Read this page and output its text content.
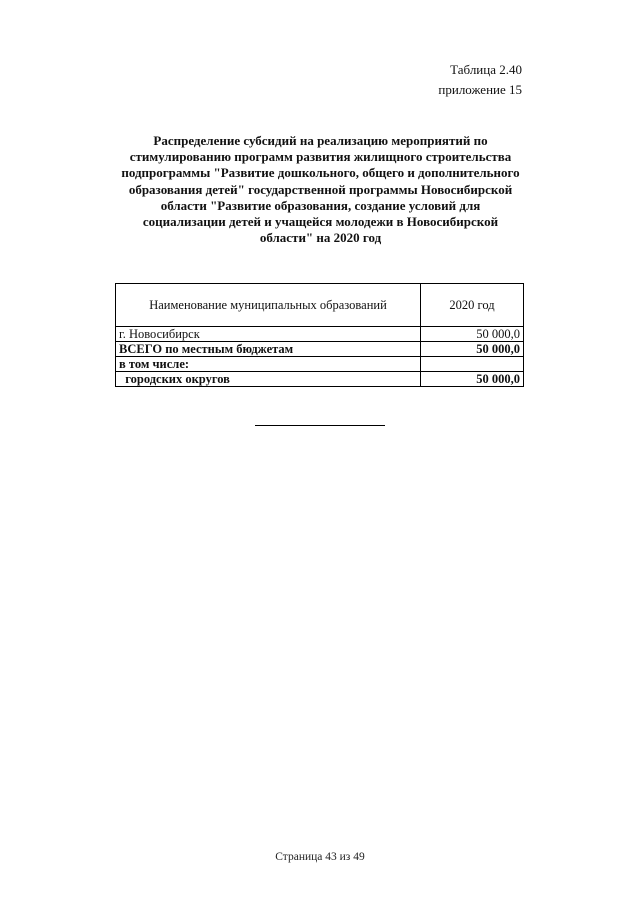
Таблица 2.40
приложение 15
Распределение субсидий на реализацию мероприятий по
стимулированию программ развития жилищного строительства
подпрограммы "Развитие дошкольного, общего и дополнительного
образования детей" государственной программы Новосибирской
области "Развитие образования, создание условий для
социализации детей и учащейся молодежи в Новосибирской
области" на 2020 год
Наименование муниципальных образований	2020 год
г. Новосибирск	50 000,0
ВСЕГО по местным бюджетам	50 000,0
в том числе:	
городских округов	50 000,0
Страница 43 из 49
